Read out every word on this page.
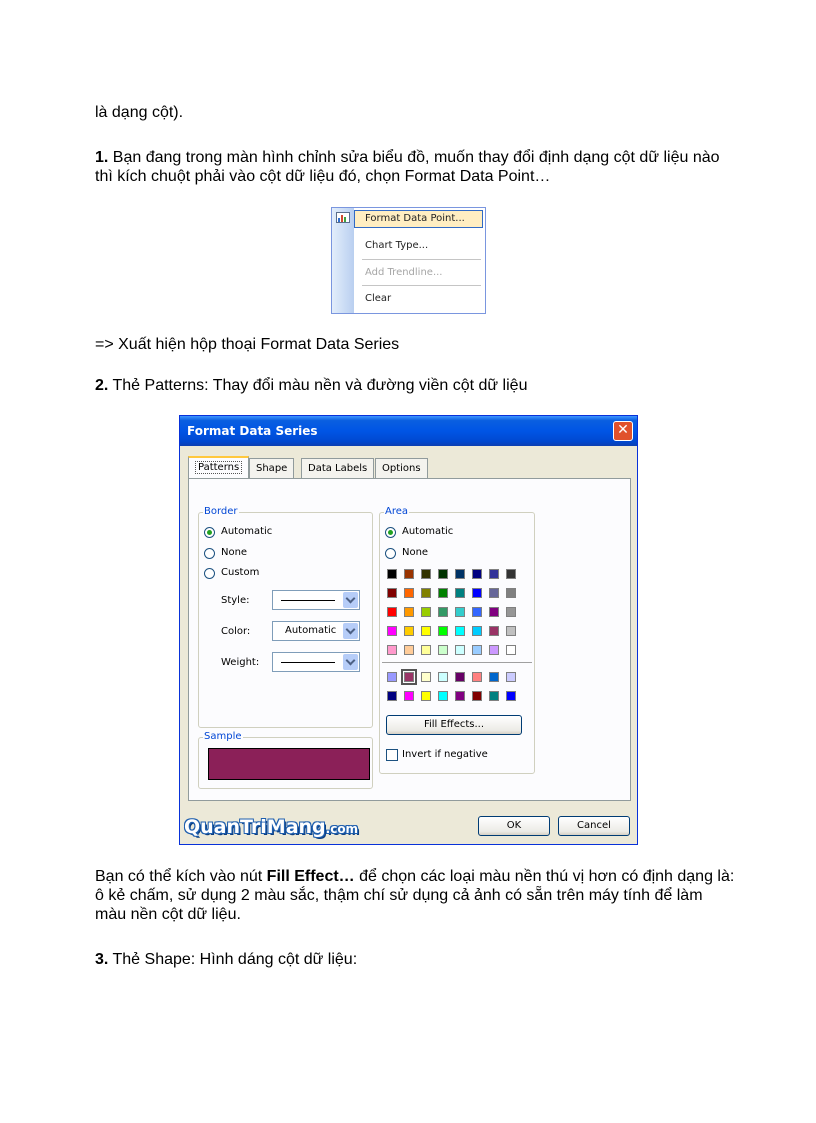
là dạng cột).

1. Bạn đang trong màn hình chỉnh sửa biểu đồ, muốn thay đổi định dạng cột dữ liệu nào thì kích chuột phải vào cột dữ liệu đó, chọn Format Data Point…

Format Data Point...
Chart Type...
Add Trendline...
Clear

=> Xuất hiện hộp thoại Format Data Series

2. Thẻ Patterns: Thay đổi màu nền và đường viền cột dữ liệu

Format Data Series	✕
Patterns	Shape	Data Labels	Options
Border
Automatic
None
Custom
Style:
Color:	Automatic
Weight:
Sample
Area
Automatic
None
Fill Effects...
Invert if negative
QuanTriMang.com	OK	Cancel

Bạn có thể kích vào nút Fill Effect… để chọn các loại màu nền thú vị hơn có định dạng là: ô kẻ chấm, sử dụng 2 màu sắc, thậm chí sử dụng cả ảnh có sẵn trên máy tính để làm màu nền cột dữ liệu.

3. Thẻ Shape: Hình dáng cột dữ liệu:
